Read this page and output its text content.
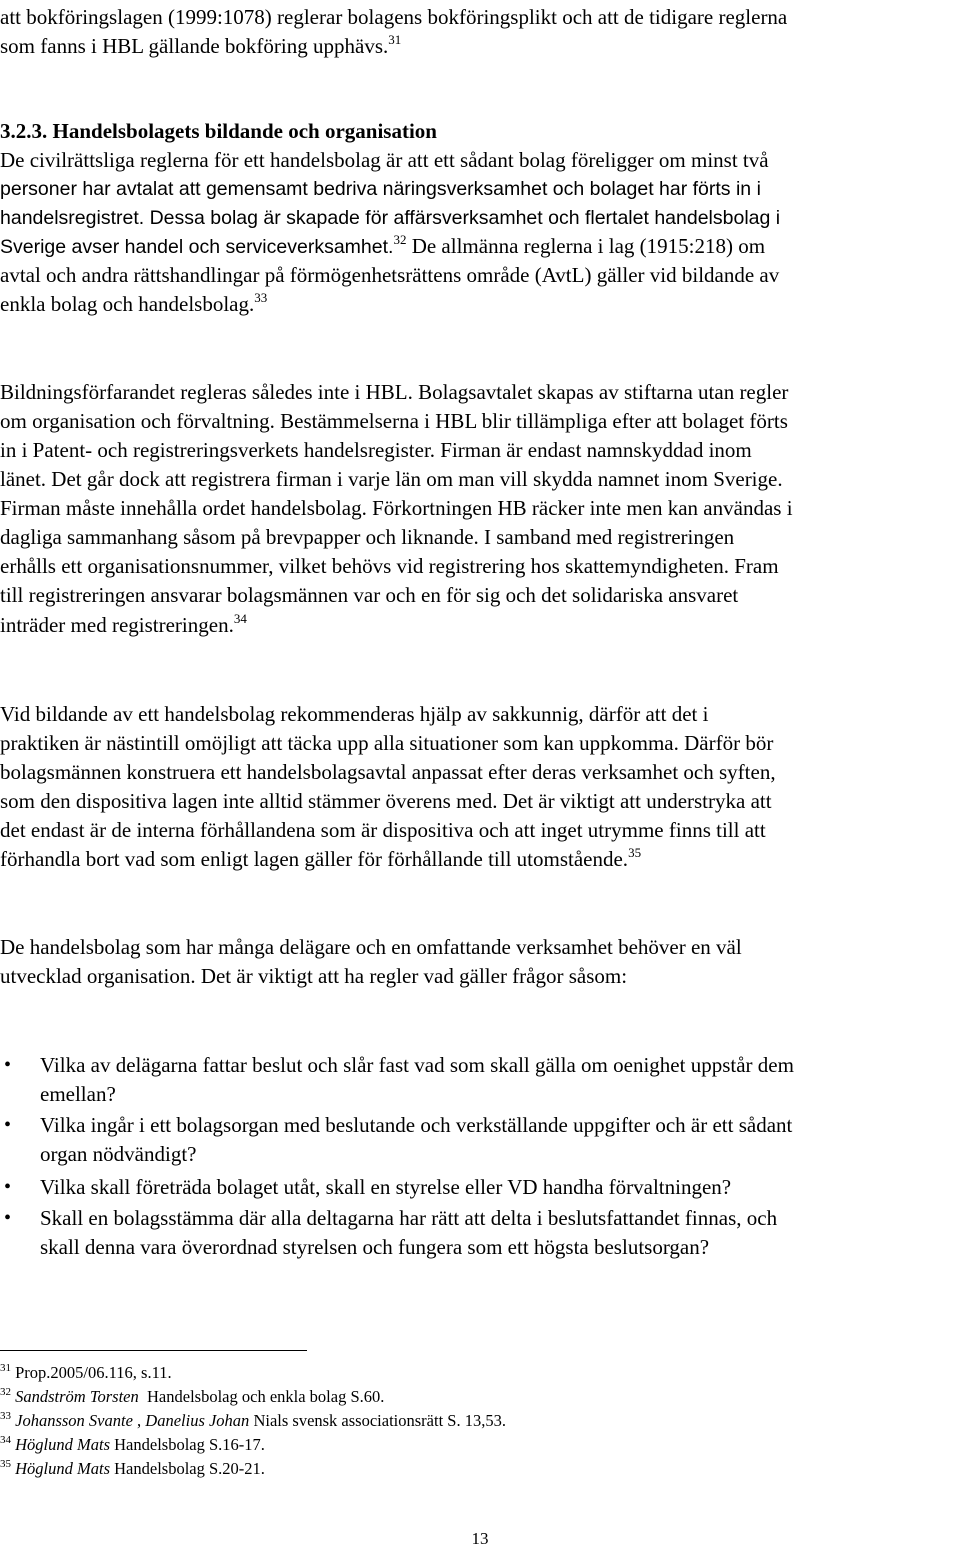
att bokföringslagen (1999:1078) reglerar bolagens bokföringsplikt och att de tidigare reglerna
som fanns i HBL gällande bokföring upphävs.$^{31}$
3.2.3. Handelsbolagets bildande och organisation
De civilrättsliga reglerna för ett handelsbolag är att ett sådant bolag föreligger om minst två
personer har avtalat att gemensamt bedriva näringsverksamhet och bolaget har förts in i
handelsregistret. Dessa bolag är skapade för affärsverksamhet och flertalet handelsbolag i
Sverige avser handel och serviceverksamhet.$^{32}$ De allmänna reglerna i lag (1915:218) om
avtal och andra rättshandlingar på förmögenhetsrättens område (AvtL) gäller vid bildande av
enkla bolag och handelsbolag.$^{33}$
Bildningsförfarandet regleras således inte i HBL. Bolagsavtalet skapas av stiftarna utan regler
om organisation och förvaltning. Bestämmelserna i HBL blir tillämpliga efter att bolaget förts
in i Patent- och registreringsverkets handelsregister. Firman är endast namnskyddad inom
länet. Det går dock att registrera firman i varje län om man vill skydda namnet inom Sverige.
Firman måste innehålla ordet handelsbolag. Förkortningen HB räcker inte men kan användas i
dagliga sammanhang såsom på brevpapper och liknande. I samband med registreringen
erhålls ett organisationsnummer, vilket behövs vid registrering hos skattemyndigheten. Fram
till registreringen ansvarar bolagsmännen var och en för sig och det solidariska ansvaret
inträder med registreringen.$^{34}$
Vid bildande av ett handelsbolag rekommenderas hjälp av sakkunnig, därför att det i
praktiken är nästintill omöjligt att täcka upp alla situationer som kan uppkomma. Därför bör
bolagsmännen konstruera ett handelsbolagsavtal anpassat efter deras verksamhet och syften,
som den dispositiva lagen inte alltid stämmer överens med. Det är viktigt att understryka att
det endast är de interna förhållandena som är dispositiva och att inget utrymme finns till att
förhandla bort vad som enligt lagen gäller för förhållande till utomstående.$^{35}$
De handelsbolag som har många delägare och en omfattande verksamhet behöver en väl
utvecklad organisation. Det är viktigt att ha regler vad gäller frågor såsom:
• Vilka av delägarna fattar beslut och slår fast vad som skall gälla om oenighet uppstår dem
emellan?
• Vilka ingår i ett bolagsorgan med beslutande och verkställande uppgifter och är ett sådant
organ nödvändigt?
• Vilka skall företräda bolaget utåt, skall en styrelse eller VD handha förvaltningen?
• Skall en bolagsstämma där alla deltagarna har rätt att delta i beslutsfattandet finnas, och
skall denna vara överordnad styrelsen och fungera som ett högsta beslutsorgan?
$^{31}$ Prop.2005/06.116, s.11.
$^{32}$ Sandström Torsten  Handelsbolag och enkla bolag S.60.
$^{33}$ Johansson Svante , Danelius Johan Nials svensk associationsrätt S. 13,53.
$^{34}$ Höglund Mats Handelsbolag S.16-17.
$^{35}$ Höglund Mats Handelsbolag S.20-21.
13
